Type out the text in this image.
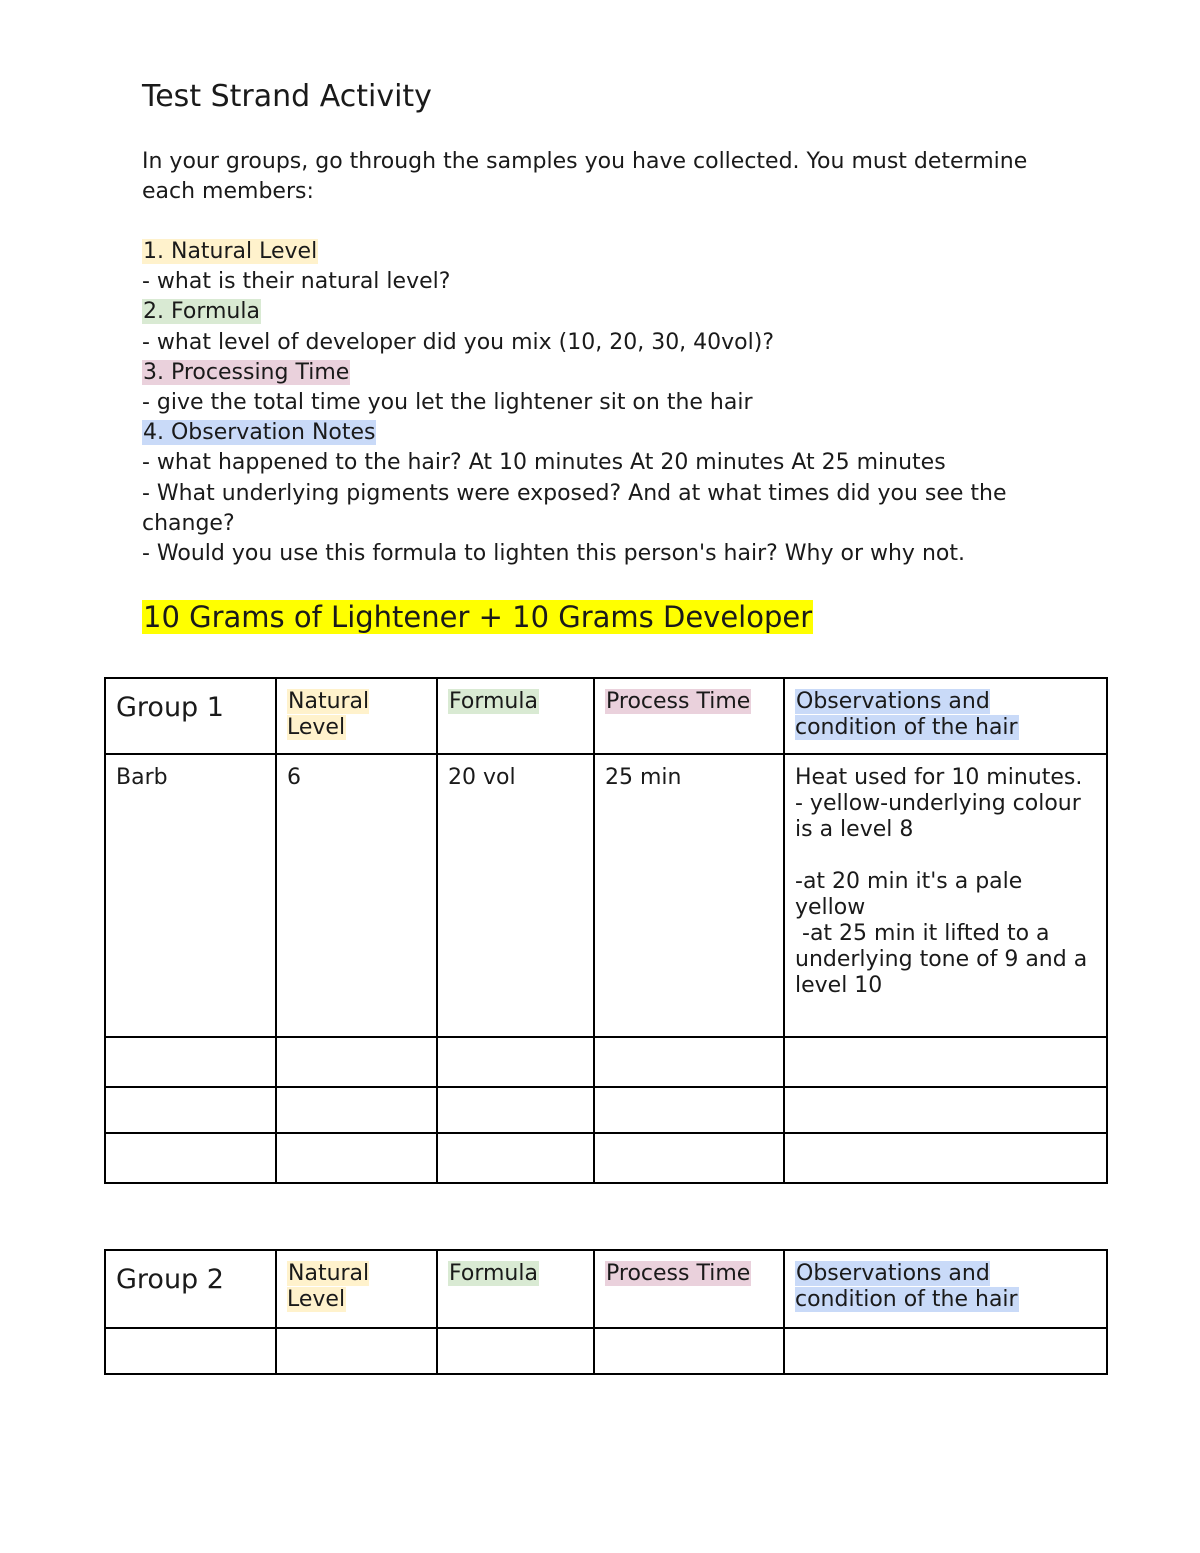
Test Strand Activity

In your groups, go through the samples you have collected. You must determine each members:

1. Natural Level
- what is their natural level?
2. Formula
- what level of developer did you mix (10, 20, 30, 40vol)?
3. Processing Time
- give the total time you let the lightener sit on the hair
4. Observation Notes
- what happened to the hair? At 10 minutes At 20 minutes At 25 minutes
- What underlying pigments were exposed? And at what times did you see the change?
- Would you use this formula to lighten this person's hair? Why or why not.
10 Grams of Lightener + 10 Grams Developer
Group 1	Natural Level	Formula	Process Time	Observations and condition of the hair
Barb	6	20 vol	25 min	Heat used for 10 minutes.
- yellow-underlying colour is a level 8
-at 20 min it's a pale yellow
-at 25 min it lifted to a underlying tone of 9 and a level 10

Group 2	Natural Level	Formula	Process Time	Observations and condition of the hair
